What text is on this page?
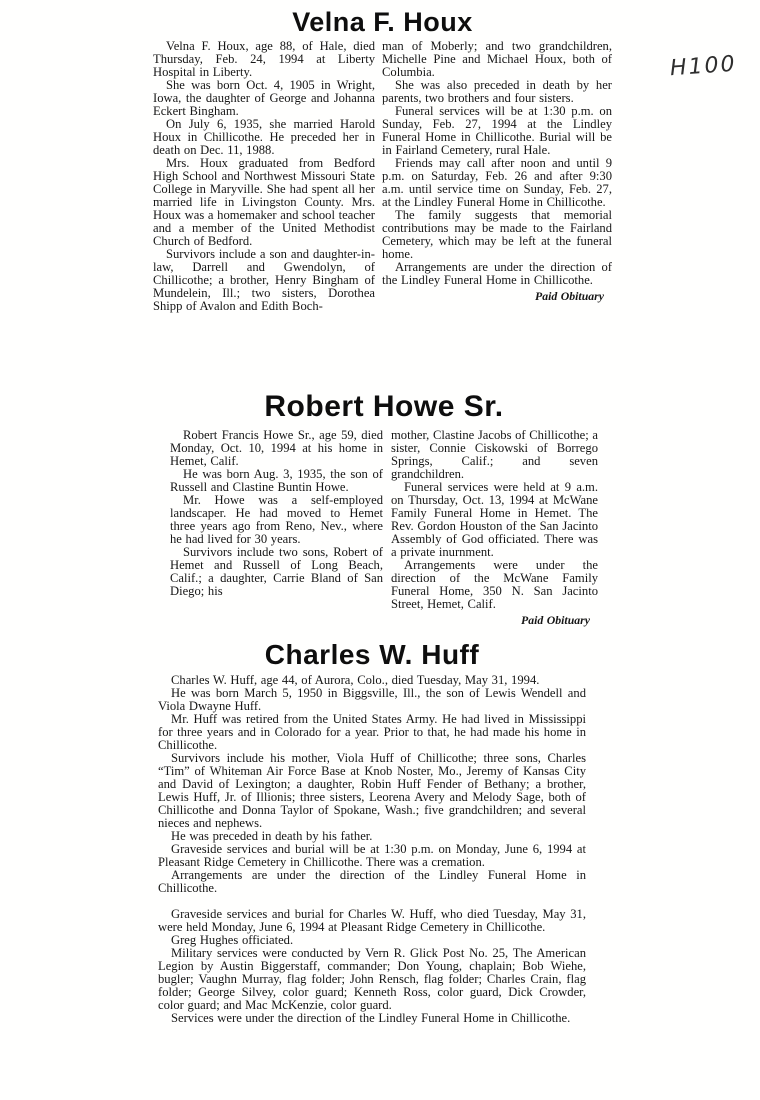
H100
Velna F. Houx

Velna F. Houx, age 88, of Hale, died Thursday, Feb. 24, 1994 at Liberty Hospital in Liberty.

She was born Oct. 4, 1905 in Wright, Iowa, the daughter of George and Johanna Eckert Bingham.

On July 6, 1935, she married Harold Houx in Chillicothe. He preceded her in death on Dec. 11, 1988.

Mrs. Houx graduated from Bedford High School and Northwest Missouri State College in Maryville. She had spent all her married life in Livingston County. Mrs. Houx was a homemaker and school teacher and a member of the United Methodist Church of Bedford.

Survivors include a son and daughter-in-law, Darrell and Gwendolyn, of Chillicothe; a brother, Henry Bingham of Mundelein, Ill.; two sisters, Dorothea Shipp of Avalon and Edith Boch-

man of Moberly; and two grandchildren, Michelle Pine and Michael Houx, both of Columbia.

She was also preceded in death by her parents, two brothers and four sisters.

Funeral services will be at 1:30 p.m. on Sunday, Feb. 27, 1994 at the Lindley Funeral Home in Chillicothe. Burial will be in Fairland Cemetery, rural Hale.

Friends may call after noon and until 9 p.m. on Saturday, Feb. 26 and after 9:30 a.m. until service time on Sunday, Feb. 27, at the Lindley Funeral Home in Chillicothe.

The family suggests that memorial contributions may be made to the Fairland Cemetery, which may be left at the funeral home.

Arrangements are under the direction of the Lindley Funeral Home in Chillicothe.

Paid Obituary
Robert Howe Sr.

Robert Francis Howe Sr., age 59, died Monday, Oct. 10, 1994 at his home in Hemet, Calif.

He was born Aug. 3, 1935, the son of Russell and Clastine Buntin Howe.

Mr. Howe was a self-employed landscaper. He had moved to Hemet three years ago from Reno, Nev., where he had lived for 30 years.

Survivors include two sons, Robert of Hemet and Russell of Long Beach, Calif.; a daughter, Carrie Bland of San Diego; his

mother, Clastine Jacobs of Chillicothe; a sister, Connie Ciskowski of Borrego Springs, Calif.; and seven grandchildren.

Funeral services were held at 9 a.m. on Thursday, Oct. 13, 1994 at McWane Family Funeral Home in Hemet. The Rev. Gordon Houston of the San Jacinto Assembly of God officiated. There was a private inurnment.

Arrangements were under the direction of the McWane Family Funeral Home, 350 N. San Jacinto Street, Hemet, Calif.

Paid Obituary
Charles W. Huff

Charles W. Huff, age 44, of Aurora, Colo., died Tuesday, May 31, 1994.

He was born March 5, 1950 in Biggsville, Ill., the son of Lewis Wendell and Viola Dwayne Huff.

Mr. Huff was retired from the United States Army. He had lived in Mississippi for three years and in Colorado for a year. Prior to that, he had made his home in Chillicothe.

Survivors include his mother, Viola Huff of Chillicothe; three sons, Charles “Tim” of Whiteman Air Force Base at Knob Noster, Mo., Jeremy of Kansas City and David of Lexington; a daughter, Robin Huff Fender of Bethany; a brother, Lewis Huff, Jr. of Illionis; three sisters, Leorena Avery and Melody Sage, both of Chillicothe and Donna Taylor of Spokane, Wash.; five grandchildren; and several nieces and nephews.

He was preceded in death by his father.

Graveside services and burial will be at 1:30 p.m. on Monday, June 6, 1994 at Pleasant Ridge Cemetery in Chillicothe. There was a cremation.

Arrangements are under the direction of the Lindley Funeral Home in Chillicothe.

Graveside services and burial for Charles W. Huff, who died Tuesday, May 31, were held Monday, June 6, 1994 at Pleasant Ridge Cemetery in Chillicothe.

Greg Hughes officiated.

Military services were conducted by Vern R. Glick Post No. 25, The American Legion by Austin Biggerstaff, commander; Don Young, chaplain; Bob Wiehe, bugler; Vaughn Murray, flag folder; John Rensch, flag folder; Charles Crain, flag folder; George Silvey, color guard; Kenneth Ross, color guard, Dick Crowder, color guard; and Mac McKenzie, color guard.

Services were under the direction of the Lindley Funeral Home in Chillicothe.
